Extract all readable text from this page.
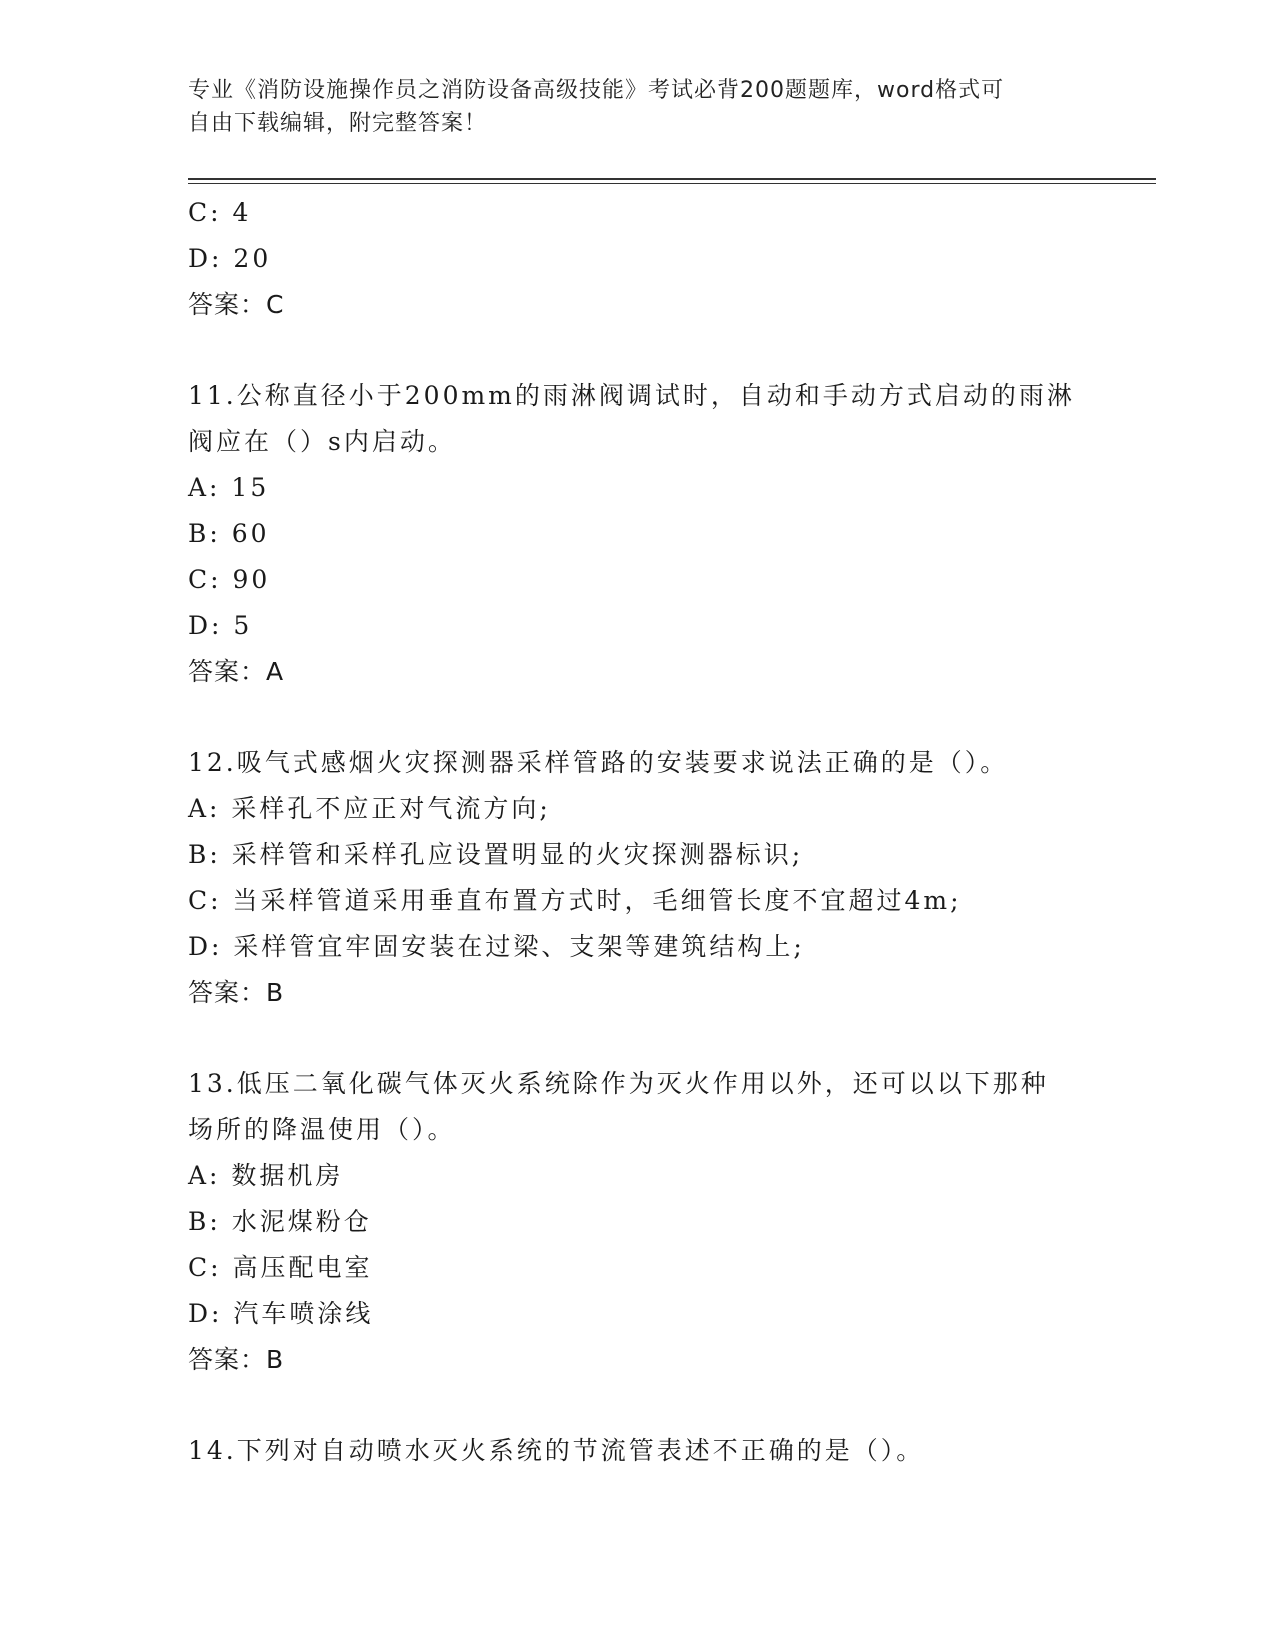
专业《消防设施操作员之消防设备高级技能》考试必背200题题库，word格式可
自由下载编辑，附完整答案！
C: 4
D: 20
答案：C
11.公称直径小于200mm的雨淋阀调试时，自动和手动方式启动的雨淋
阀应在（）s内启动。
A: 15
B: 60
C: 90
D: 5
答案：A
12.吸气式感烟火灾探测器采样管路的安装要求说法正确的是（）。
A: 采样孔不应正对气流方向;
B: 采样管和采样孔应设置明显的火灾探测器标识;
C: 当采样管道采用垂直布置方式时，毛细管长度不宜超过4m;
D: 采样管宜牢固安装在过梁、支架等建筑结构上;
答案：B
13.低压二氧化碳气体灭火系统除作为灭火作用以外，还可以以下那种
场所的降温使用（）。
A: 数据机房
B: 水泥煤粉仓
C: 高压配电室
D: 汽车喷涂线
答案：B
14.下列对自动喷水灭火系统的节流管表述不正确的是（）。
